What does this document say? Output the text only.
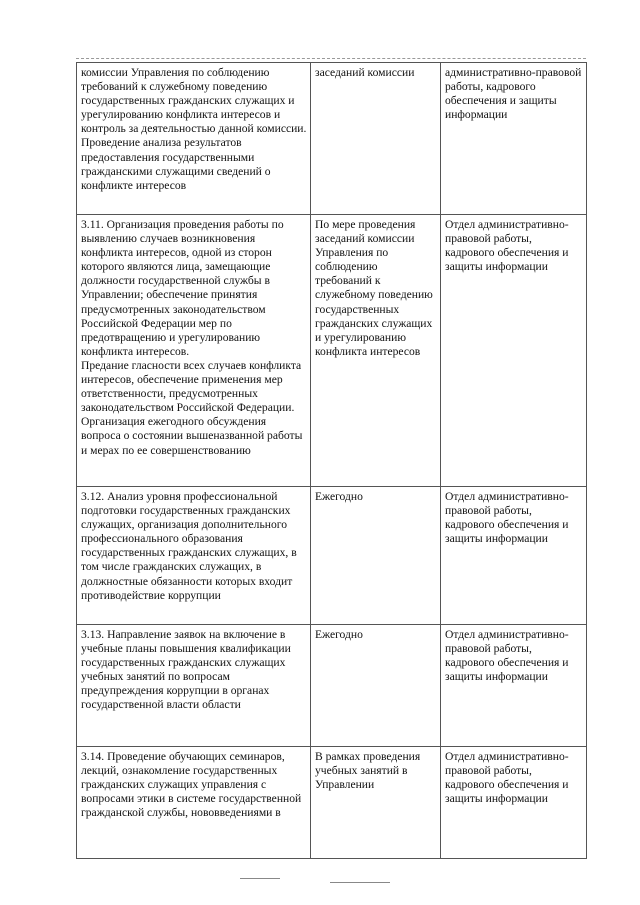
комиссии Управления по соблюдению требований к служебному поведению государственных гражданских служащих и урегулированию конфликта интересов и контроль за деятельностью данной комиссии. Проведение анализа результатов предоставления государственными гражданскими служащими сведений о конфликте интересов	заседаний комиссии	административно-правовой работы, кадрового обеспечения и защиты информации

3.11. Организация проведения работы по выявлению случаев возникновения конфликта интересов, одной из сторон которого являются лица, замещающие должности государственной службы в Управлении; обеспечение принятия предусмотренных законодательством Российской Федерации мер по предотвращению и урегулированию конфликта интересов.
Предание гласности всех случаев конфликта интересов, обеспечение применения мер ответственности, предусмотренных законодательством Российской Федерации. Организация ежегодного обсуждения вопроса о состоянии вышеназванной работы и мерах по ее совершенствованию	По мере проведения заседаний комиссии Управления по соблюдению требований к служебному поведению государственных гражданских служащих и урегулированию конфликта интересов	Отдел административно-правовой работы, кадрового обеспечения и защиты информации

3.12. Анализ уровня профессиональной подготовки государственных гражданских служащих, организация дополнительного профессионального образования государственных гражданских служащих, в том числе гражданских служащих, в должностные обязанности которых входит противодействие коррупции	Ежегодно	Отдел административно-правовой работы, кадрового обеспечения и защиты информации

3.13. Направление заявок на включение в учебные планы повышения квалификации государственных гражданских служащих учебных занятий по вопросам предупреждения коррупции в органах государственной власти области	Ежегодно	Отдел административно-правовой работы, кадрового обеспечения и защиты информации

3.14. Проведение обучающих семинаров, лекций, ознакомление государственных гражданских служащих управления с вопросами этики в системе государственной гражданской службы, нововведениями в	В рамках проведения учебных занятий в Управлении	Отдел административно-правовой работы, кадрового обеспечения и защиты информации
